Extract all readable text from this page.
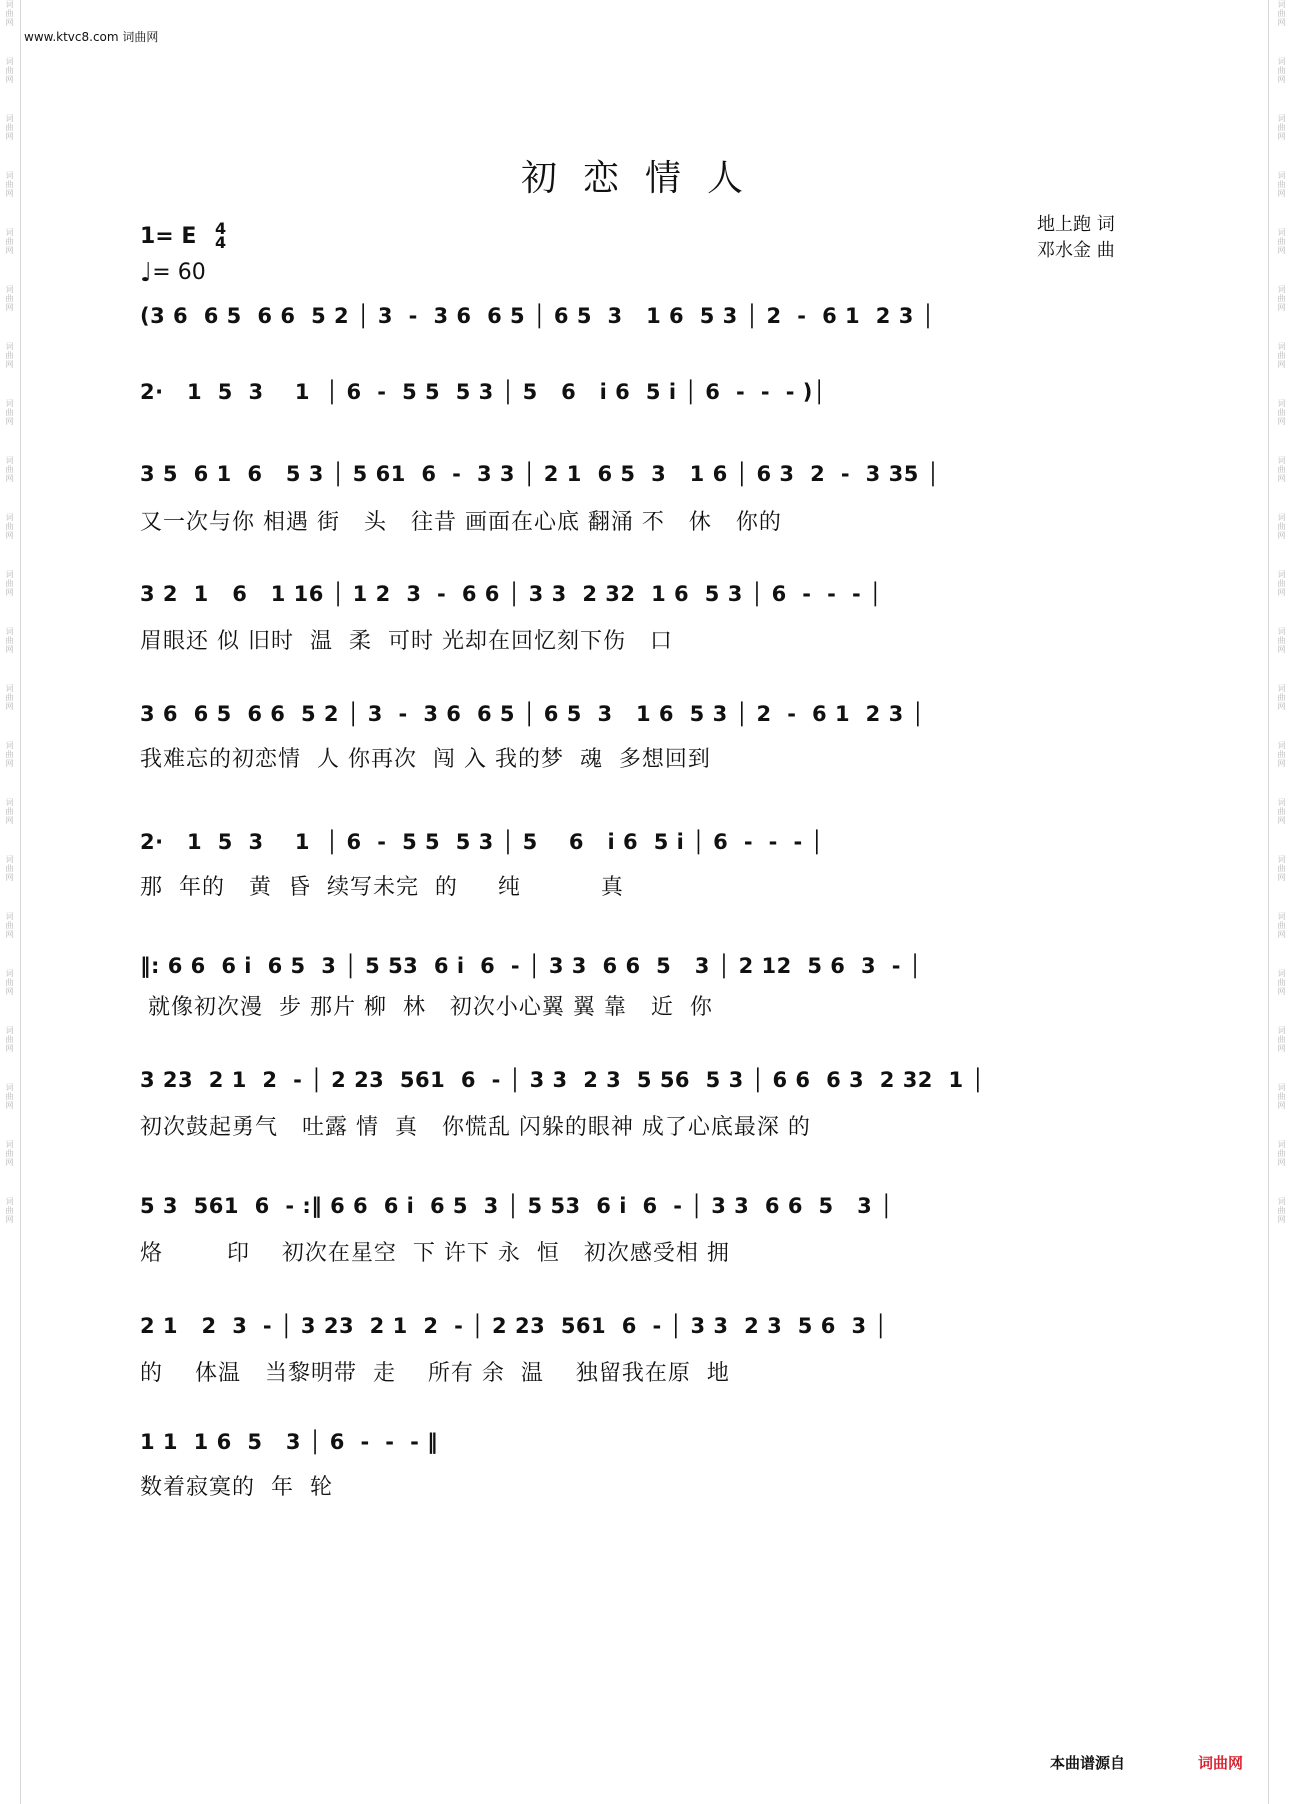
词曲网
词曲网
词曲网
词曲网
词曲网
词曲网
词曲网
词曲网
词曲网
词曲网
词曲网
词曲网
词曲网
词曲网
词曲网
词曲网
词曲网
词曲网
词曲网
词曲网
词曲网
词曲网
词曲网
词曲网
词曲网
词曲网
词曲网
词曲网
词曲网
词曲网
词曲网
词曲网
词曲网
词曲网
词曲网
词曲网
词曲网
词曲网
词曲网
词曲网
词曲网
词曲网
词曲网
词曲网
www.ktvc8.com 词曲网
初恋情人
1= E 4
4
♩= 60
地上跑 词
邓水金 曲
(3 6  6 5  6 6  5 2 │ 3  -  3 6  6 5 │ 6 5  3   1 6  5 3 │ 2  -  6 1  2 3 │
2·   1  5  3    1  │ 6  -  5 5  5 3 │ 5   6   i 6  5 i │ 6  -  -  - )│
3 5  6 1  6   5 3 │ 5 61  6  -  3 3 │ 2 1  6 5  3   1 6 │ 6 3  2  -  3 35 │
又一次与你 相遇 街   头   往昔 画面在心底 翻涌 不   休   你的
3 2  1   6   1 16 │ 1 2  3  -  6 6 │ 3 3  2 32  1 6  5 3 │ 6  -  -  - │
眉眼还 似 旧时  温  柔  可时 光却在回忆刻下伤   口
3 6  6 5  6 6  5 2 │ 3  -  3 6  6 5 │ 6 5  3   1 6  5 3 │ 2  -  6 1  2 3 │
我难忘的初恋情  人 你再次  闯 入 我的梦  魂  多想回到
2·   1  5  3    1  │ 6  -  5 5  5 3 │ 5    6   i 6  5 i │ 6  -  -  - │
那  年的   黄  昏  续写未完  的     纯          真
‖: 6 6  6 i  6 5  3 │ 5 53  6 i  6  - │ 3 3  6 6  5   3 │ 2 12  5 6  3  - │
就像初次漫  步 那片 柳  林   初次小心翼 翼 靠   近  你
3 23  2 1  2  - │ 2 23  561  6  - │ 3 3  2 3  5 56  5 3 │ 6 6  6 3  2 32  1 │
初次鼓起勇气   吐露 情  真   你慌乱 闪躲的眼神 成了心底最深 的
5 3  561  6  - :‖ 6 6  6 i  6 5  3 │ 5 53  6 i  6  - │ 3 3  6 6  5   3 │
烙        印    初次在星空  下 许下 永  恒   初次感受相 拥
2 1   2  3  - │ 3 23  2 1  2  - │ 2 23  561  6  - │ 3 3  2 3  5 6  3 │
的    体温   当黎明带  走    所有 余  温    独留我在原  地
1 1  1 6  5   3 │ 6  -  -  - ‖
数着寂寞的  年  轮
本曲谱源自	词曲网
